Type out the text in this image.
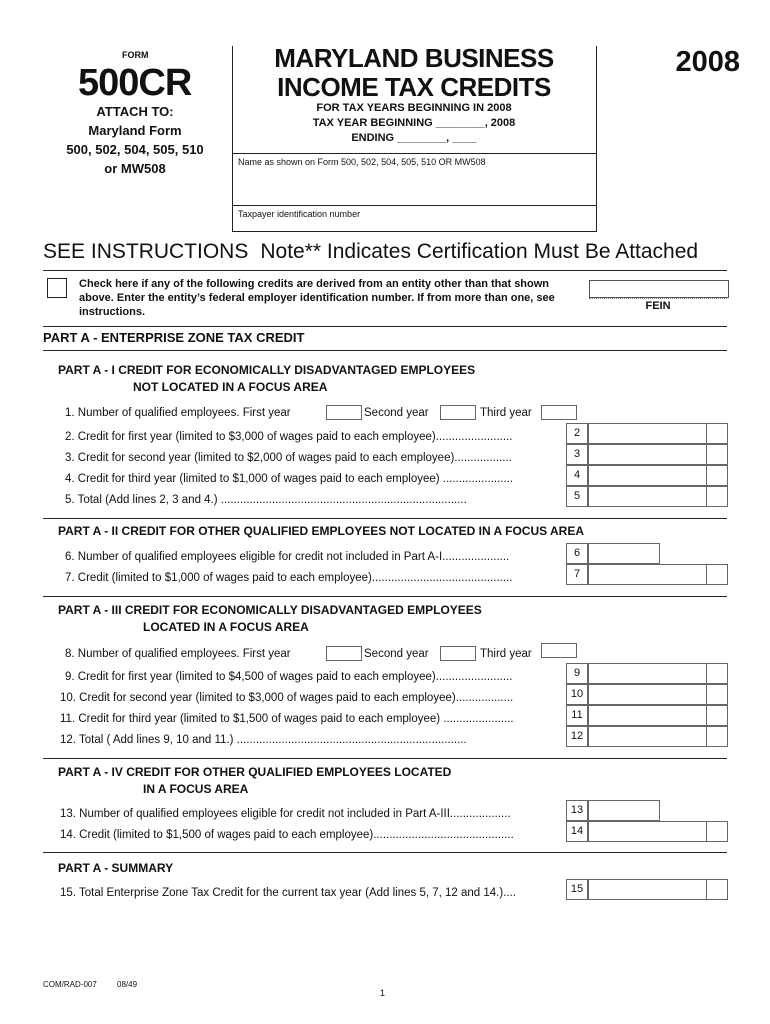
FORM
500CR
ATTACH TO:
Maryland Form
500, 502, 504, 505, 510
or MW508
MARYLAND BUSINESS
INCOME TAX CREDITS
2008
FOR TAX YEARS BEGINNING IN 2008
TAX YEAR BEGINNING ________, 2008
ENDING ________, ____
Name as shown on Form 500, 502, 504, 505, 510 OR MW508
Taxpayer identification number
SEE INSTRUCTIONS Note** Indicates Certification Must Be Attached
Check here if any of the following credits are derived from an entity other than that shown above. Enter the entity’s federal employer identification number. If from more than one, see instructions.	FEIN
PART A - ENTERPRISE ZONE TAX CREDIT
PART A - I CREDIT FOR ECONOMICALLY DISADVANTAGED EMPLOYEES
NOT LOCATED IN A FOCUS AREA
1. Number of qualified employees. First year	Second year	Third year
2. Credit for first year (limited to $3,000 of wages paid to each employee)........................	2
3. Credit for second year (limited to $2,000 of wages paid to each employee)..................	3
4. Credit for third year (limited to $1,000 of wages paid to each employee) ......................	4
5. Total (Add lines 2, 3 and 4.) .............................................................................	5
PART A - II CREDIT FOR OTHER QUALIFIED EMPLOYEES NOT LOCATED IN A FOCUS AREA
6. Number of qualified employees eligible for credit not included in Part A-I.....................	6
7. Credit (limited to $1,000 of wages paid to each employee)............................................	7
PART A - III CREDIT FOR ECONOMICALLY DISADVANTAGED EMPLOYEES
LOCATED IN A FOCUS AREA
8. Number of qualified employees. First year	Second year	Third year
9. Credit for first year (limited to $4,500 of wages paid to each employee)........................	9
10. Credit for second year (limited to $3,000 of wages paid to each employee)..................	10
11. Credit for third year (limited to $1,500 of wages paid to each employee) ......................	11
12. Total ( Add lines 9, 10 and 11.) ........................................................................	12
PART A - IV CREDIT FOR OTHER QUALIFIED EMPLOYEES LOCATED
IN A FOCUS AREA
13. Number of qualified employees eligible for credit not included in Part A-III...................	13
14. Credit (limited to $1,500 of wages paid to each employee)............................................	14
PART A - SUMMARY
15. Total Enterprise Zone Tax Credit for the current tax year (Add lines 5, 7, 12 and 14.)....	15
COM/RAD-007	08/49
1
